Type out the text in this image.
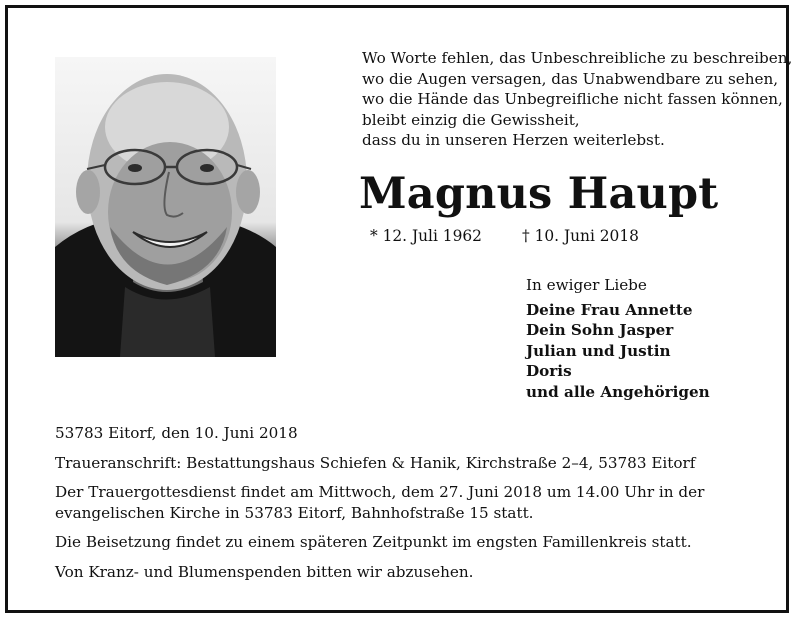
Wo Worte fehlen, das Unbeschreibliche zu beschreiben,
wo die Augen versagen, das Unabwendbare zu sehen,
wo die Hände das Unbegreifliche nicht fassen können,
bleibt einzig die Gewissheit,
dass du in unseren Herzen weiterlebst.
Magnus Haupt
* 12. Juli 1962	† 10. Juni 2018
In ewiger Liebe
Deine Frau Annette
Dein Sohn Jasper
Julian und Justin
Doris
und alle Angehörigen

53783 Eitorf, den 10. Juni 2018

Traueranschrift: Bestattungshaus Schiefen & Hanik, Kirchstraße 2–4, 53783 Eitorf

Der Trauergottesdienst findet am Mittwoch, dem 27. Juni 2018 um 14.00 Uhr in der evangelischen Kirche in 53783 Eitorf, Bahnhofstraße 15 statt.

Die Beisetzung findet zu einem späteren Zeitpunkt im engsten Famillenkreis statt.

Von Kranz- und Blumenspenden bitten wir abzusehen.
